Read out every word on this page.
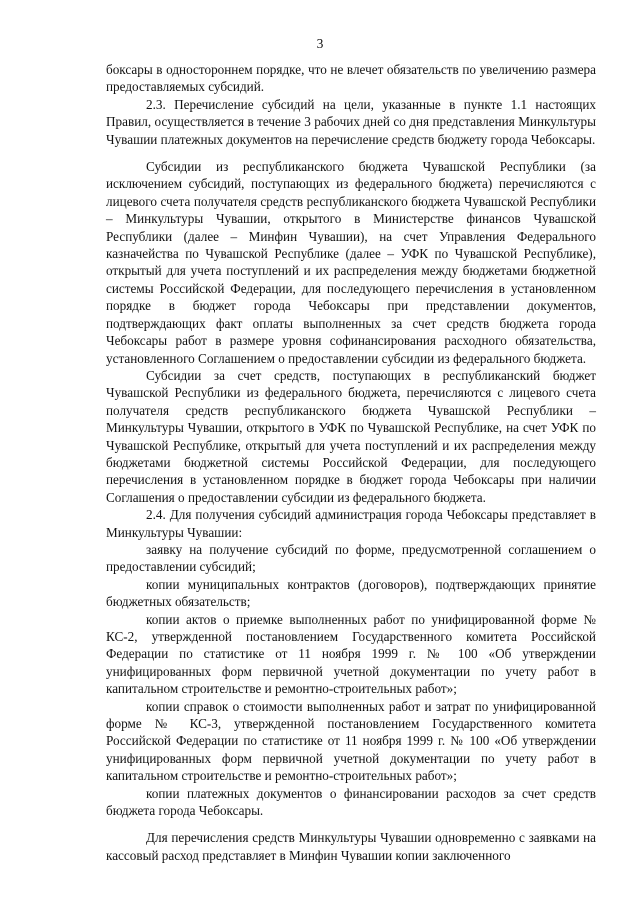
3

боксары в одностороннем порядке, что не влечет обязательств по увеличению размера предоставляемых субсидий.

2.3. Перечисление субсидий на цели, указанные в пункте 1.1 настоящих Правил, осуществляется в течение 3 рабочих дней со дня представления Минкультуры Чувашии платежных документов на перечисление средств бюджету города Чебоксары.

Субсидии из республиканского бюджета Чувашской Республики (за исключением субсидий, поступающих из федерального бюджета) перечисляются с лицевого счета получателя средств республиканского бюджета Чувашской Республики – Минкультуры Чувашии, открытого в Министерстве финансов Чувашской Республики (далее – Минфин Чувашии), на счет Управления Федерального казначейства по Чувашской Республике (далее – УФК по Чувашской Республике), открытый для учета поступлений и их распределения между бюджетами бюджетной системы Российской Федерации, для последующего перечисления в установленном порядке в бюджет города Чебоксары при представлении документов, подтверждающих факт оплаты выполненных за счет средств бюджета города Чебоксары работ в размере уровня софинансирования расходного обязательства, установленного Соглашением о предоставлении субсидии из федерального бюджета.

Субсидии за счет средств, поступающих в республиканский бюджет Чувашской Республики из федерального бюджета, перечисляются с лицевого счета получателя средств республиканского бюджета Чувашской Республики – Минкультуры Чувашии, открытого в УФК по Чувашской Республике, на счет УФК по Чувашской Республике, открытый для учета поступлений и их распределения между бюджетами бюджетной системы Российской Федерации, для последующего перечисления в установленном порядке в бюджет города Чебоксары при наличии Соглашения о предоставлении субсидии из федерального бюджета.

2.4. Для получения субсидий администрация города Чебоксары представляет в Минкультуры Чувашии:

заявку на получение субсидий по форме, предусмотренной соглашением о предоставлении субсидий;

копии муниципальных контрактов (договоров), подтверждающих принятие бюджетных обязательств;

копии актов о приемке выполненных работ по унифицированной форме № КС-2, утвержденной постановлением Государственного комитета Российской Федерации по статистике от 11 ноября 1999 г. № 100 «Об утверждении унифицированных форм первичной учетной документации по учету работ в капитальном строительстве и ремонтно-строительных работ»;

копии справок о стоимости выполненных работ и затрат по унифицированной форме № КС-3, утвержденной постановлением Государственного комитета Российской Федерации по статистике от 11 ноября 1999 г. № 100 «Об утверждении унифицированных форм первичной учетной документации по учету работ в капитальном строительстве и ремонтно-строительных работ»;

копии платежных документов о финансировании расходов за счет средств бюджета города Чебоксары.

Для перечисления средств Минкультуры Чувашии одновременно с заявками на кассовый расход представляет в Минфин Чувашии копии заключенного
